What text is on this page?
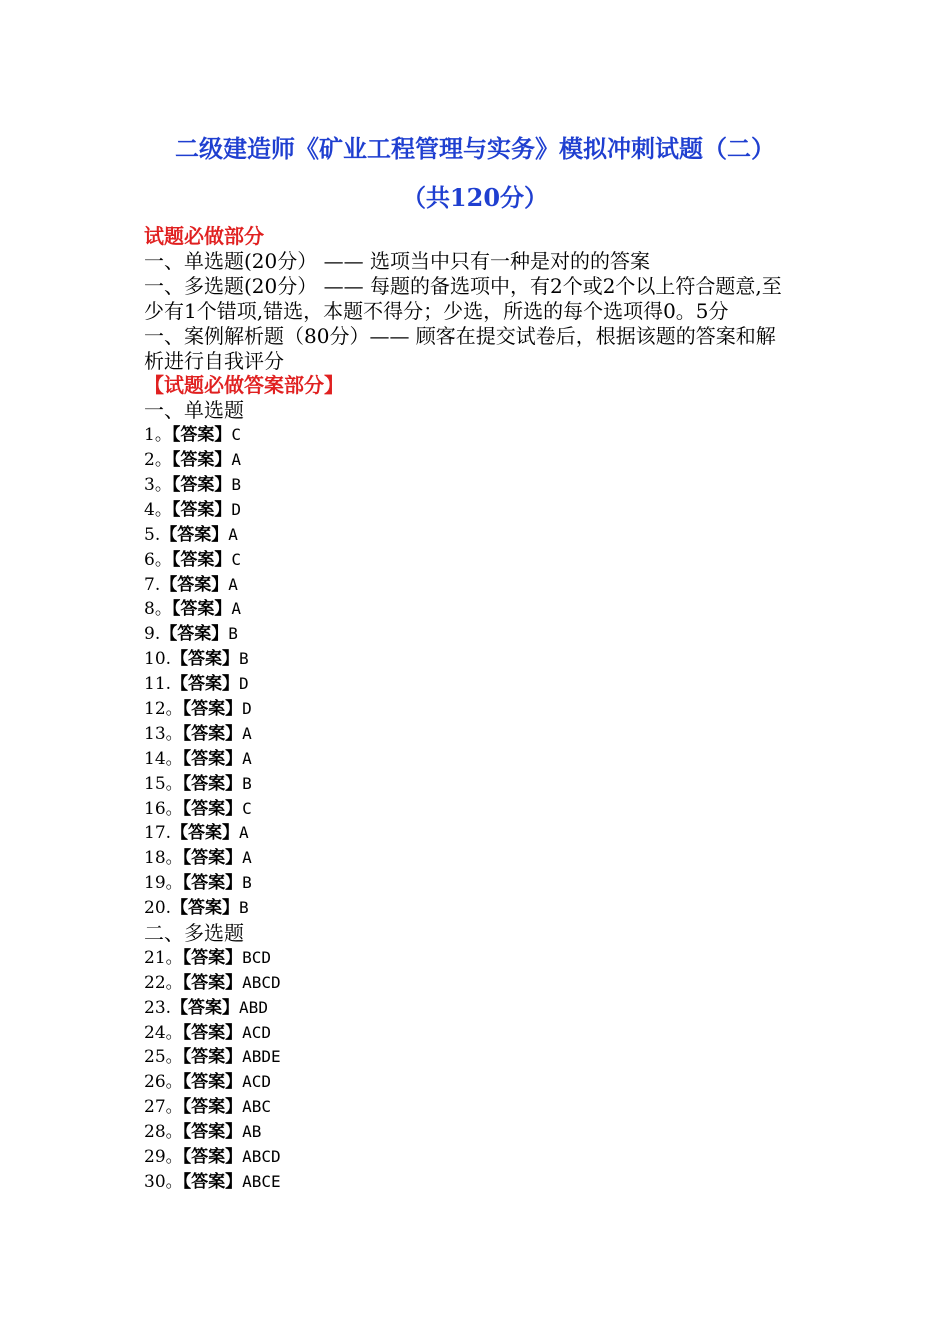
二级建造师《矿业工程管理与实务》模拟冲刺试题（二）
（共120分）
试题必做部分
一、单选题(20分） —— 选项当中只有一种是对的的答案
一、多选题(20分） —— 每题的备选项中，有2个或2个以上符合题意,至少有1个错项,错选，本题不得分；少选，所选的每个选项得0。5分
一、案例解析题（80分）—— 顾客在提交试卷后，根据该题的答案和解析进行自我评分
【试题必做答案部分】
一、单选题
1。【答案】C
2。【答案】A
3。【答案】B
4。【答案】D
5.【答案】A
6。【答案】C
7.【答案】A
8。【答案】A
9.【答案】B
10.【答案】B
11.【答案】D
12。【答案】D
13。【答案】A
14。【答案】A
15。【答案】B
16。【答案】C
17.【答案】A
18。【答案】A
19。【答案】B
20.【答案】B
二、多选题
21。【答案】BCD
22。【答案】ABCD
23.【答案】ABD
24。【答案】ACD
25。【答案】ABDE
26。【答案】ACD
27。【答案】ABC
28。【答案】AB
29。【答案】ABCD
30。【答案】ABCE
